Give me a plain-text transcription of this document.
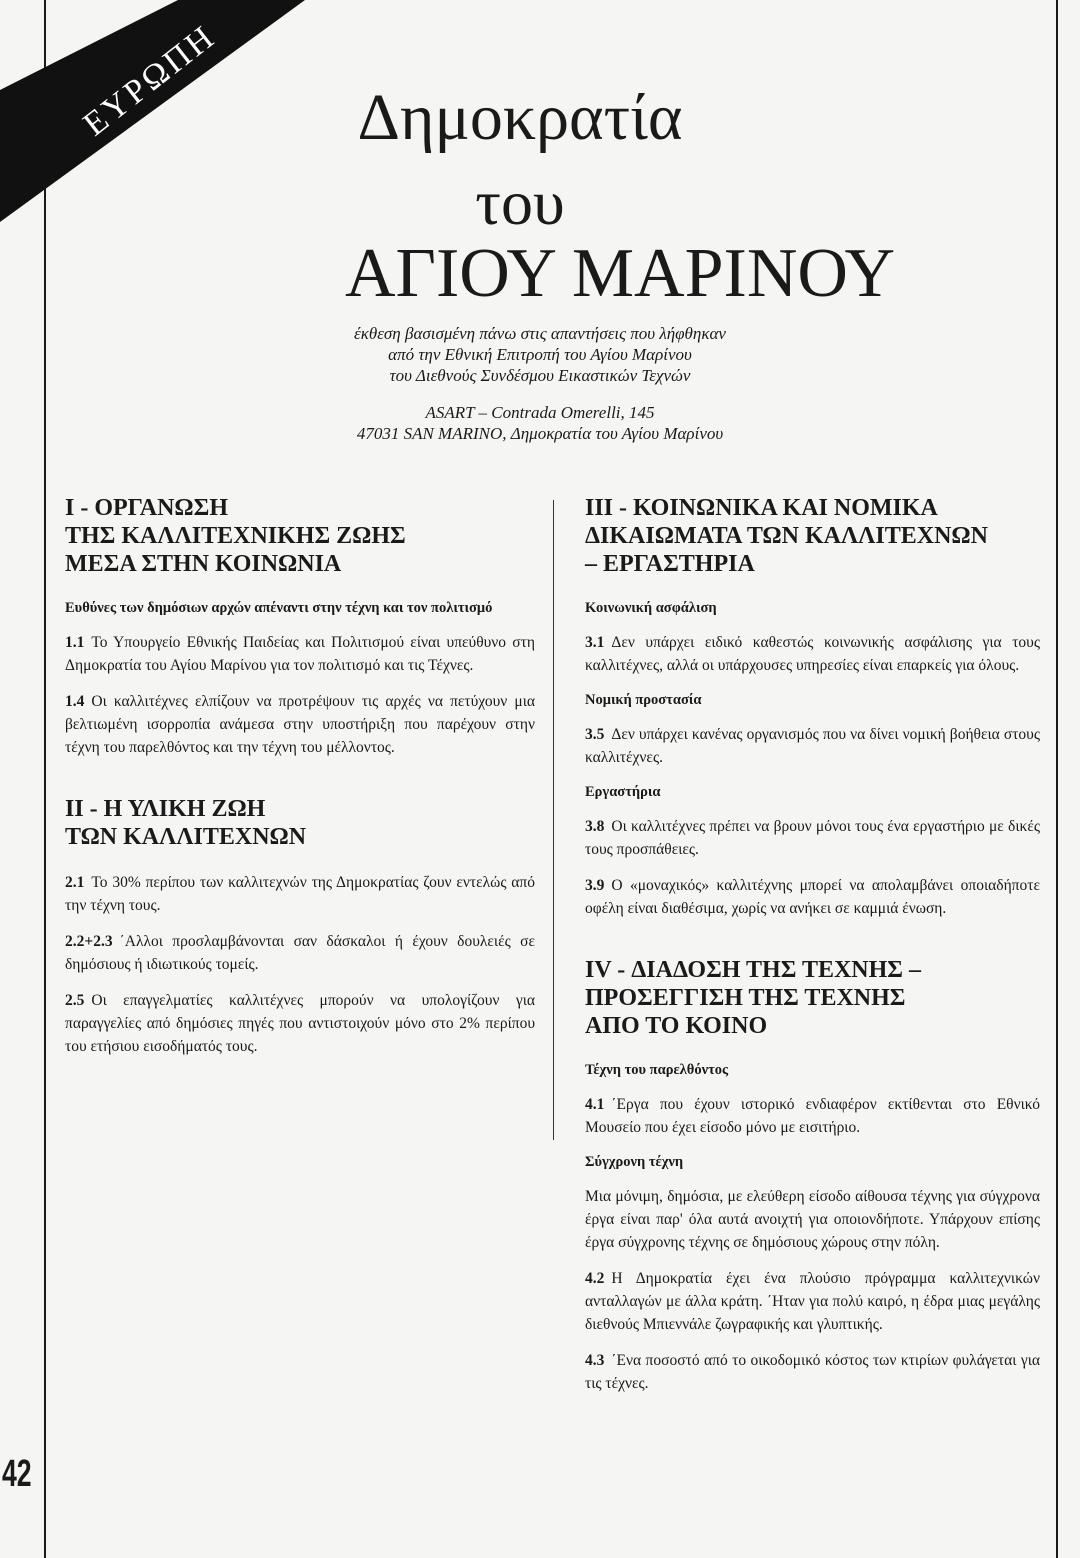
ΕΥΡΩΠΗ	Δημοκρατία
του
ΑΓΙΟΥ ΜΑΡΙΝΟΥ
έκθεση βασισμένη πάνω στις απαντήσεις που λήφθηκαν
από την Εθνική Επιτροπή του Αγίου Μαρίνου
του Διεθνούς Συνδέσμου Εικαστικών Τεχνών
ASART – Contrada Omerelli, 145
47031 SAN MARINO, Δημοκρατία του Αγίου Μαρίνου
I - ΟΡΓΑΝΩΣΗ
ΤΗΣ ΚΑΛΛΙΤΕΧΝΙΚΗΣ ΖΩΗΣ
ΜΕΣΑ ΣΤΗΝ ΚΟΙΝΩΝΙΑ
Ευθύνες των δημόσιων αρχών απέναντι στην τέχνη και τον πολιτισμό

1.1 Το Υπουργείο Εθνικής Παιδείας και Πολιτισμού είναι υπεύθυνο στη Δημοκρατία του Αγίου Μαρίνου για τον πολιτισμό και τις Τέχνες.

1.4 Οι καλλιτέχνες ελπίζουν να προτρέψουν τις αρχές να πετύχουν μια βελτιωμένη ισορροπία ανάμεσα στην υποστήριξη που παρέχουν στην τέχνη του παρελθόντος και την τέχνη του μέλλοντος.

II - Η ΥΛΙΚΗ ΖΩΗ
ΤΩΝ ΚΑΛΛΙΤΕΧΝΩΝ

2.1 Το 30% περίπου των καλλιτεχνών της Δημοκρατίας ζουν εντελώς από την τέχνη τους.

2.2+2.3 ΄Αλλοι προσλαμβάνονται σαν δάσκαλοι ή έχουν δουλειές σε δημόσιους ή ιδιωτικούς τομείς.

2.5 Οι επαγγελματίες καλλιτέχνες μπορούν να υπολογίζουν για παραγγελίες από δημόσιες πηγές που αντιστοιχούν μόνο στο 2% περίπου του ετήσιου εισοδήματός τους.

III - ΚΟΙΝΩΝΙΚΑ ΚΑΙ ΝΟΜΙΚΑ
ΔΙΚΑΙΩΜΑΤΑ ΤΩΝ ΚΑΛΛΙΤΕΧΝΩΝ
– ΕΡΓΑΣΤΗΡΙΑ
Κοινωνική ασφάλιση

3.1 Δεν υπάρχει ειδικό καθεστώς κοινωνικής ασφάλισης για τους καλλιτέχνες, αλλά οι υπάρχουσες υπηρεσίες είναι επαρκείς για όλους.

Νομική προστασία

3.5 Δεν υπάρχει κανένας οργανισμός που να δίνει νομική βοήθεια στους καλλιτέχνες.

Εργαστήρια

3.8 Οι καλλιτέχνες πρέπει να βρουν μόνοι τους ένα εργαστήριο με δικές τους προσπάθειες.

3.9 Ο «μοναχικός» καλλιτέχνης μπορεί να απολαμβάνει οποιαδήποτε οφέλη είναι διαθέσιμα, χωρίς να ανήκει σε καμμιά ένωση.

IV - ΔΙΑΔΟΣΗ ΤΗΣ ΤΕΧΝΗΣ –
ΠΡΟΣΕΓΓΙΣΗ ΤΗΣ ΤΕΧΝΗΣ
ΑΠΟ ΤΟ ΚΟΙΝΟ
Τέχνη του παρελθόντος

4.1 ΄Εργα που έχουν ιστορικό ενδιαφέρον εκτίθενται στο Εθνικό Μουσείο που έχει είσοδο μόνο με εισιτήριο.

Σύγχρονη τέχνη

Μια μόνιμη, δημόσια, με ελεύθερη είσοδο αίθουσα τέχνης για σύγχρονα έργα είναι παρ' όλα αυτά ανοιχτή για οποιονδήποτε. Υπάρχουν επίσης έργα σύγχρονης τέχνης σε δημόσιους χώρους στην πόλη.

4.2 Η Δημοκρατία έχει ένα πλούσιο πρόγραμμα καλλιτεχνικών ανταλλαγών με άλλα κράτη. ΄Ηταν για πολύ καιρό, η έδρα μιας μεγάλης διεθνούς Μπιεννάλε ζωγραφικής και γλυπτικής.

4.3 ΄Ενα ποσοστό από το οικοδομικό κόστος των κτιρίων φυλάγεται για τις τέχνες.

42
